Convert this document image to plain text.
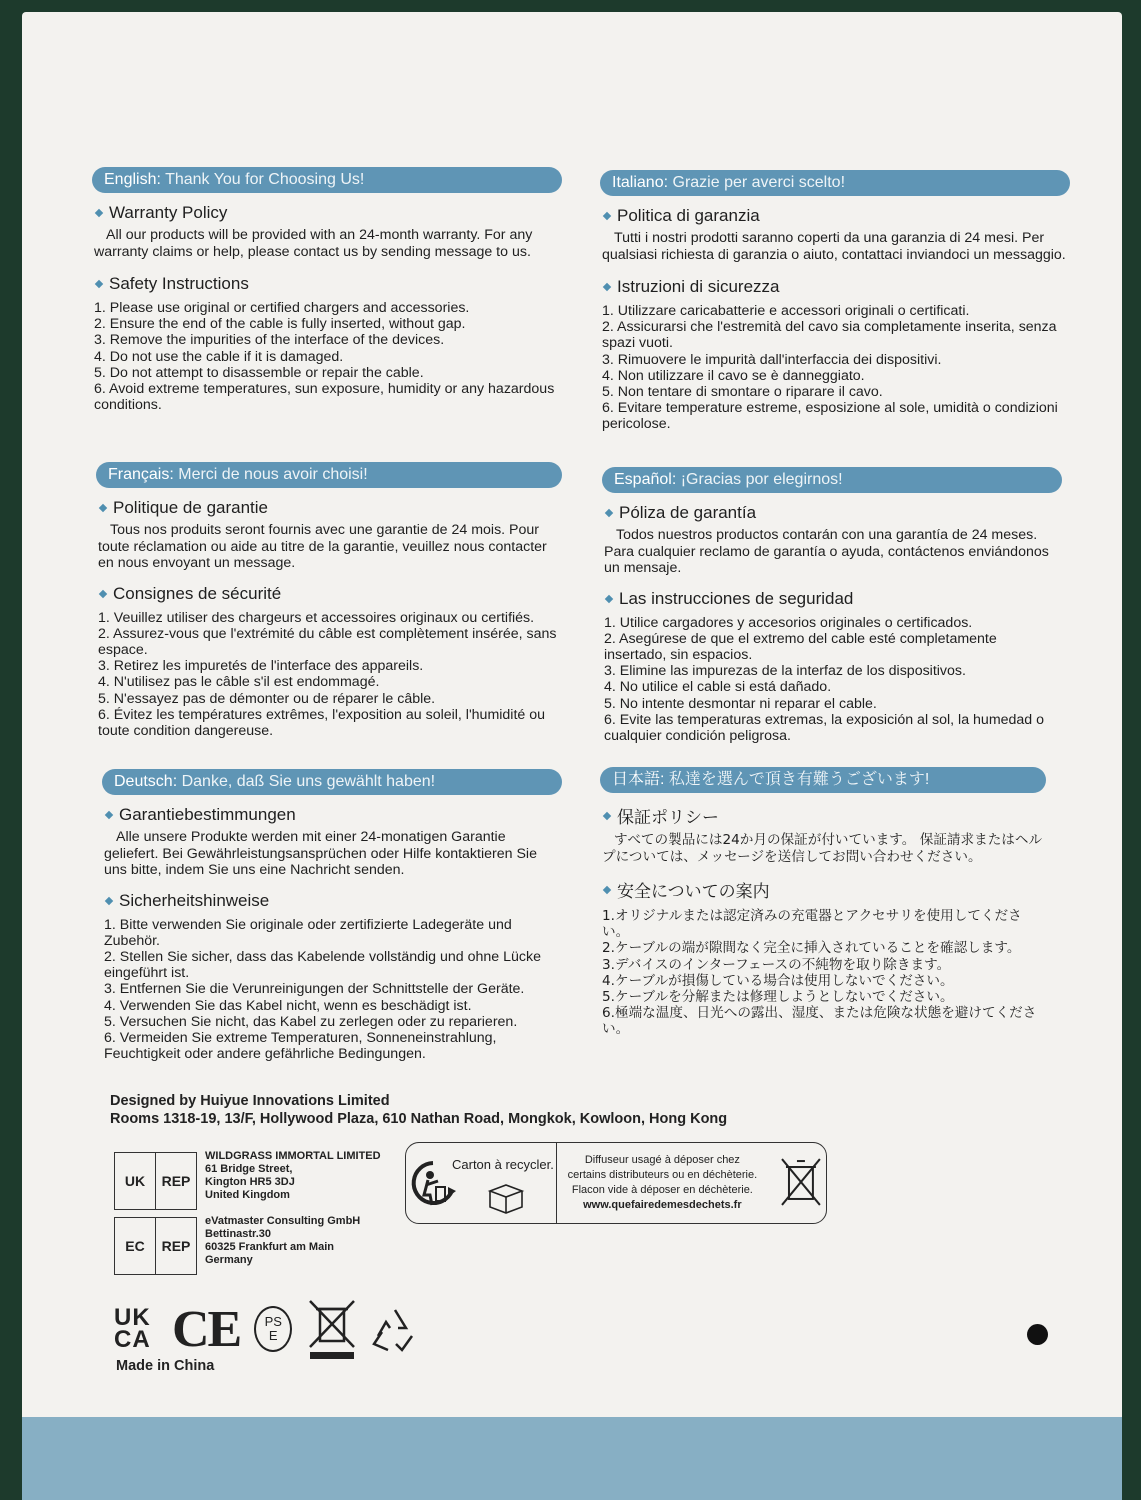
English: Thank You for Choosing Us!
Warranty Policy
All our products will be provided with an 24-month warranty. For any warranty claims or help, please contact us by sending message to us.
Safety Instructions
1. Please use original or certified chargers and accessories.
2. Ensure the end of the cable is fully inserted, without gap.
3. Remove the impurities of the interface of the devices.
4. Do not use the cable if it is damaged.
5. Do not attempt to disassemble or repair the cable.
6. Avoid extreme temperatures, sun exposure, humidity or any hazardous conditions.
Italiano: Grazie per averci scelto!
Politica di garanzia
Tutti i nostri prodotti saranno coperti da una garanzia di 24 mesi. Per qualsiasi richiesta di garanzia o aiuto, contattaci inviandoci un messaggio.
Istruzioni di sicurezza
1. Utilizzare caricabatterie e accessori originali o certificati.
2. Assicurarsi che l'estremità del cavo sia completamente inserita, senza spazi vuoti.
3. Rimuovere le impurità dall'interfaccia dei dispositivi.
4. Non utilizzare il cavo se è danneggiato.
5. Non tentare di smontare o riparare il cavo.
6. Evitare temperature estreme, esposizione al sole, umidità o condizioni pericolose.
Français: Merci de nous avoir choisi!
Politique de garantie
Tous nos produits seront fournis avec une garantie de 24 mois. Pour toute réclamation ou aide au titre de la garantie, veuillez nous contacter en nous envoyant un message.
Consignes de sécurité
1. Veuillez utiliser des chargeurs et accessoires originaux ou certifiés.
2. Assurez-vous que l'extrémité du câble est complètement insérée, sans espace.
3. Retirez les impuretés de l'interface des appareils.
4. N'utilisez pas le câble s'il est endommagé.
5. N'essayez pas de démonter ou de réparer le câble.
6. Évitez les températures extrêmes, l'exposition au soleil, l'humidité ou toute condition dangereuse.
Español: ¡Gracias por elegirnos!
Póliza de garantía
Todos nuestros productos contarán con una garantía de 24 meses. Para cualquier reclamo de garantía o ayuda, contáctenos enviándonos un mensaje.
Las instrucciones de seguridad
1. Utilice cargadores y accesorios originales o certificados.
2. Asegúrese de que el extremo del cable esté completamente insertado, sin espacios.
3. Elimine las impurezas de la interfaz de los dispositivos.
4. No utilice el cable si está dañado.
5. No intente desmontar ni reparar el cable.
6. Evite las temperaturas extremas, la exposición al sol, la humedad o cualquier condición peligrosa.
Deutsch: Danke, daß Sie uns gewählt haben!
Garantiebestimmungen
Alle unsere Produkte werden mit einer 24-monatigen Garantie geliefert. Bei Gewährleistungsansprüchen oder Hilfe kontaktieren Sie uns bitte, indem Sie uns eine Nachricht senden.
Sicherheitshinweise
1. Bitte verwenden Sie originale oder zertifizierte Ladegeräte und Zubehör.
2. Stellen Sie sicher, dass das Kabelende vollständig und ohne Lücke eingeführt ist.
3. Entfernen Sie die Verunreinigungen der Schnittstelle der Geräte.
4. Verwenden Sie das Kabel nicht, wenn es beschädigt ist.
5. Versuchen Sie nicht, das Kabel zu zerlegen oder zu reparieren.
6. Vermeiden Sie extreme Temperaturen, Sonneneinstrahlung, Feuchtigkeit oder andere gefährliche Bedingungen.
日本語: 私達を選んで頂き有難うございます!
保証ポリシー
すべての製品には24か月の保証が付いています。 保証請求またはヘルプについては、メッセージを送信してお問い合わせください。
安全についての案内
1.オリジナルまたは認定済みの充電器とアクセサリを使用してください。
2.ケーブルの端が隙間なく完全に挿入されていることを確認します。
3.デバイスのインターフェースの不純物を取り除きます。
4.ケーブルが損傷している場合は使用しないでください。
5.ケーブルを分解または修理しようとしないでください。
6.極端な温度、日光への露出、湿度、または危険な状態を避けてください。
Designed by Huiyue Innovations Limited
Rooms 1318-19, 13/F, Hollywood Plaza, 610 Nathan Road, Mongkok, Kowloon, Hong Kong
UK	REP
WILDGRASS IMMORTAL LIMITED
61 Bridge Street,
Kington HR5 3DJ
United Kingdom
EC	REP
eVatmaster Consulting GmbH
Bettinastr.30
60325 Frankfurt am Main
Germany
Carton à recycler.	Diffuseur usagé à déposer chez
certains distributeurs ou en déchèterie.
Flacon vide à déposer en déchèterie.
www.quefairedemesdechets.fr
UK
CA CE PS
E
Made in China
